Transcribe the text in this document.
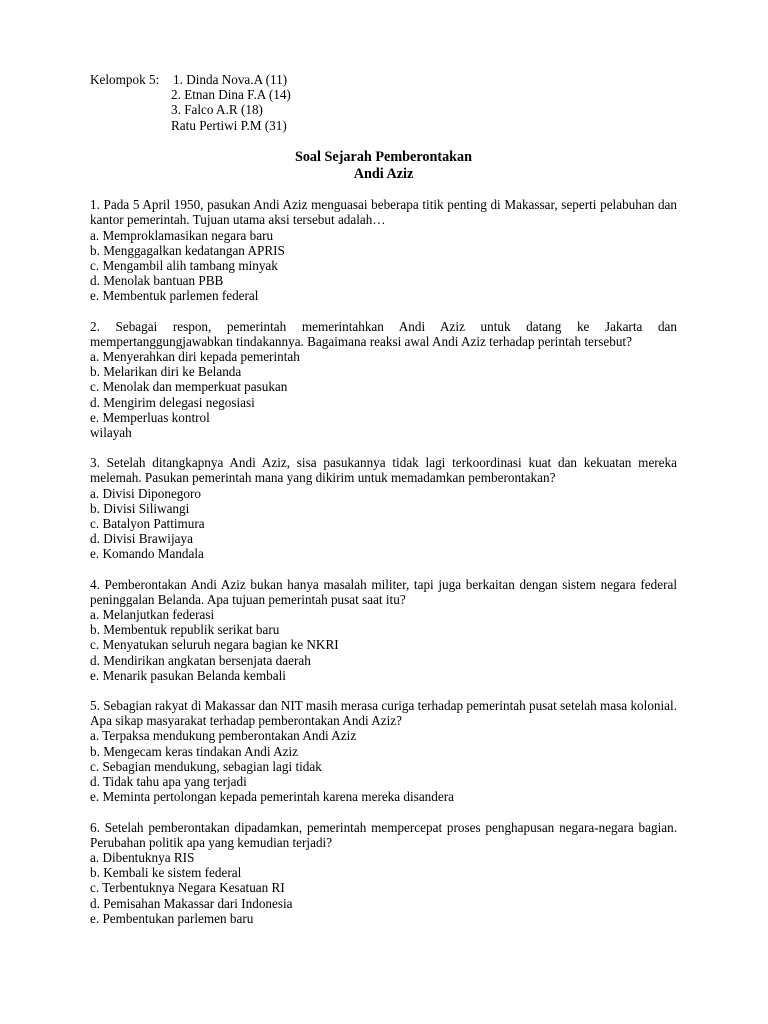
Kelompok 5: 1. Dinda Nova.A (11)
2. Etnan Dina F.A (14)
3. Falco A.R (18)
Ratu Pertiwi P.M (31)
Soal Sejarah Pemberontakan
Andi Aziz

1. Pada 5 April 1950, pasukan Andi Aziz menguasai beberapa titik penting di Makassar, seperti pelabuhan dan kantor pemerintah. Tujuan utama aksi tersebut adalah…

a. Memproklamasikan negara baru
b. Menggagalkan kedatangan APRIS
c. Mengambil alih tambang minyak
d. Menolak bantuan PBB
e. Membentuk parlemen federal

2. Sebagai respon, pemerintah memerintahkan Andi Aziz untuk datang ke Jakarta dan mempertanggungjawabkan tindakannya. Bagaimana reaksi awal Andi Aziz terhadap perintah tersebut?

a. Menyerahkan diri kepada pemerintah
b. Melarikan diri ke Belanda
c. Menolak dan memperkuat pasukan
d. Mengirim delegasi negosiasi
e. Memperluas kontrol
wilayah

3. Setelah ditangkapnya Andi Aziz, sisa pasukannya tidak lagi terkoordinasi kuat dan kekuatan mereka melemah. Pasukan pemerintah mana yang dikirim untuk memadamkan pemberontakan?

a. Divisi Diponegoro
b. Divisi Siliwangi
c. Batalyon Pattimura
d. Divisi Brawijaya
e. Komando Mandala

4. Pemberontakan Andi Aziz bukan hanya masalah militer, tapi juga berkaitan dengan sistem negara federal peninggalan Belanda. Apa tujuan pemerintah pusat saat itu?

a. Melanjutkan federasi
b. Membentuk republik serikat baru
c. Menyatukan seluruh negara bagian ke NKRI
d. Mendirikan angkatan bersenjata daerah
e. Menarik pasukan Belanda kembali

5. Sebagian rakyat di Makassar dan NIT masih merasa curiga terhadap pemerintah pusat setelah masa kolonial. Apa sikap masyarakat terhadap pemberontakan Andi Aziz?

a. Terpaksa mendukung pemberontakan Andi Aziz
b. Mengecam keras tindakan Andi Aziz
c. Sebagian mendukung, sebagian lagi tidak
d. Tidak tahu apa yang terjadi
e. Meminta pertolongan kepada pemerintah karena mereka disandera

6. Setelah pemberontakan dipadamkan, pemerintah mempercepat proses penghapusan negara-negara bagian. Perubahan politik apa yang kemudian terjadi?

a. Dibentuknya RIS
b. Kembali ke sistem federal
c. Terbentuknya Negara Kesatuan RI
d. Pemisahan Makassar dari Indonesia
e. Pembentukan parlemen baru
